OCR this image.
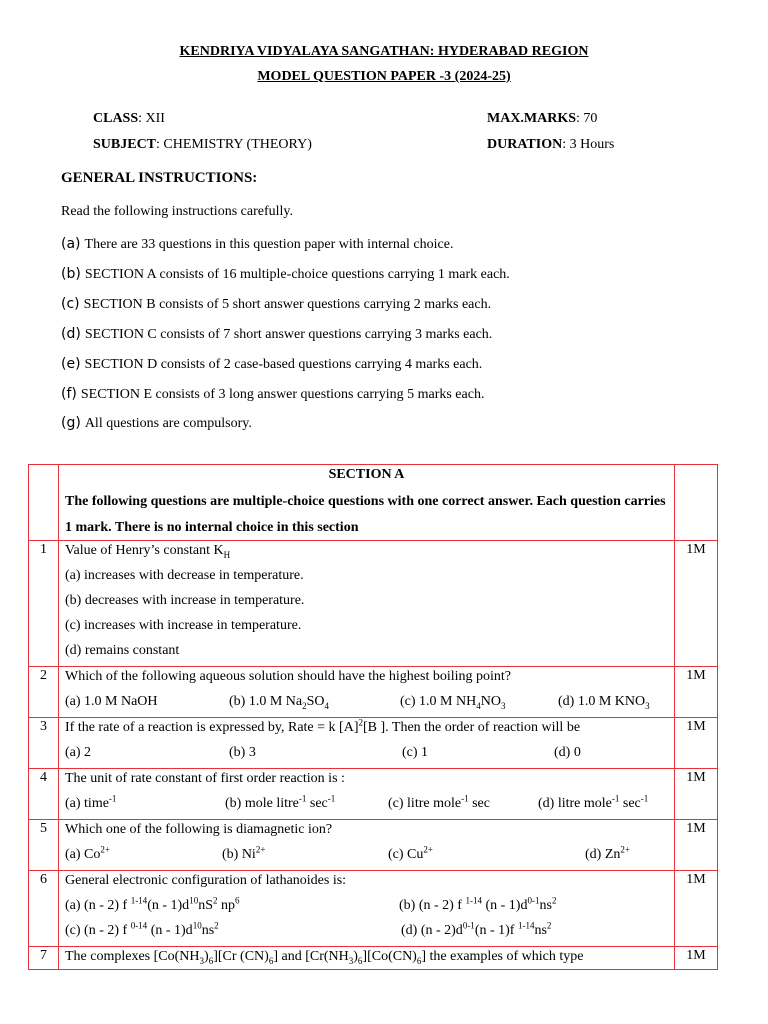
KENDRIYA VIDYALAYA SANGATHAN: HYDERABAD REGION
MODEL QUESTION PAPER -3 (2024-25)
CLASS: XII	MAX.MARKS: 70
SUBJECT: CHEMISTRY (THEORY)	DURATION: 3 Hours
GENERAL INSTRUCTIONS:
Read the following instructions carefully.
(a) There are 33 questions in this question paper with internal choice.
(b) SECTION A consists of 16 multiple-choice questions carrying 1 mark each.
(c) SECTION B consists of 5 short answer questions carrying 2 marks each.
(d) SECTION C consists of 7 short answer questions carrying 3 marks each.
(e) SECTION D consists of 2 case-based questions carrying 4 marks each.
(f) SECTION E consists of 3 long answer questions carrying 5 marks each.
(g) All questions are compulsory.

	SECTION A
The following questions are multiple-choice questions with one correct answer. Each question carries 1 mark. There is no internal choice in this section	

1	Value of Henry’s constant $K_H$
(a) increases with decrease in temperature.
(b) decreases with increase in temperature.
(c) increases with increase in temperature.
(d) remains constant	1M
2	Which of the following aqueous solution should have the highest boiling point?
(a) 1.0 M NaOH (b) 1.0 M $Na_2SO_4$ (c) 1.0 M $NH_4NO_3$ (d) 1.0 M $KNO_3$	1M
3	If the rate of a reaction is expressed by, Rate = k $[A]^2[B$ ]. Then the order of reaction will be
(a) 2 (b) 3 (c) 1 (d) 0	1M
4	The unit of rate constant of first order reaction is :
(a) time$^{-1}$ (b) mole litre$^{-1}$ $\sec^{-1} (c)$ litre mole$^{-1}$ sec (d) litre mole$^{-1}$ $\sec^{-1}$	1M
5	Which one of the following is diamagnetic ion?
(a) $Co^{2+}$ (b) $Ni^{2+}$ (c) $Cu^{2+}$ (d) $Zn^{2+}$	1M
6	General electronic configuration of lathanoides is:
(a) (n - 2) f $^{1-14}(n - 1)d^{10}nS^2$ $np^6$ (b) (n - 2) f $^{1-14}$ $(n - 1)d^{0-1}ns^2$
(c) (n - 2) f $^{0-14}$ $(n - 1)d^{10}ns^2$ (d) $(n - 2)d^{0-1}(n - 1)f$ $^{1-14}ns^2$	1M
7	The complexes $[Co(NH_3)_6][Cr$ $(CN)_6$] and $[Cr(NH_3)_6][Co(CN)_6]$ the examples of which type	1M
